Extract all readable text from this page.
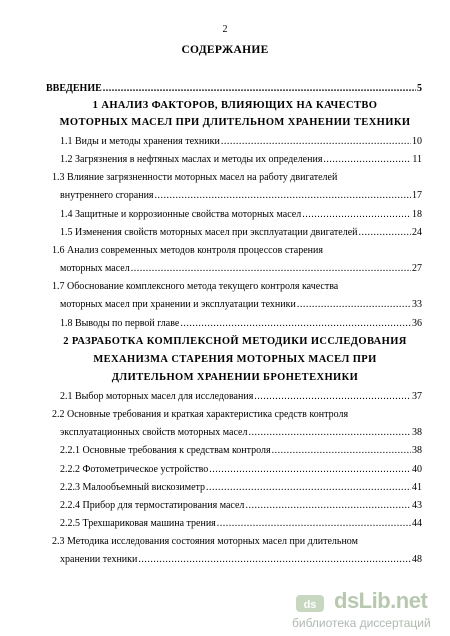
2
СОДЕРЖАНИЕ
ВВЕДЕНИЕ .....	5
1 АНАЛИЗ ФАКТОРОВ, ВЛИЯЮЩИХ НА КАЧЕСТВО
МОТОРНЫХ МАСЕЛ ПРИ ДЛИТЕЛЬНОМ ХРАНЕНИИ ТЕХНИКИ
1.1 Виды и методы хранения техники .....	10
1.2 Загрязнения в нефтяных маслах и методы их определения .....	11
1.3 Влияние загрязненности моторных масел на работу двигателей
внутреннего сгорания .....	17
1.4 Защитные и коррозионные свойства моторных масел .....	18
1.5 Изменения свойств моторных масел при эксплуатации двигателей .....	24
1.6 Анализ современных методов контроля процессов старения
моторных масел .....	27
1.7 Обоснование комплексного метода текущего контроля качества
моторных масел при хранении и эксплуатации техники .....	33
1.8 Выводы по первой главе .....	36
2 РАЗРАБОТКА КОМПЛЕКСНОЙ МЕТОДИКИ ИССЛЕДОВАНИЯ
МЕХАНИЗМА СТАРЕНИЯ МОТОРНЫХ МАСЕЛ ПРИ
ДЛИТЕЛЬНОМ ХРАНЕНИИ БРОНЕТЕХНИКИ
2.1 Выбор моторных масел для исследования .....	37
2.2 Основные требования и краткая характеристика средств контроля
эксплуатационных свойств моторных масел .....	38
2.2.1 Основные требования к средствам контроля .....	38
2.2.2 Фотометрическое устройство .....	40
2.2.3 Малообъемный вискозиметр .....	41
2.2.4 Прибор для термостатирования масел .....	43
2.2.5 Трехшариковая машина трения .....	44
2.3 Методика исследования состояния моторных масел при длительном
хранении техники .....	48
ds dsLib.net
библиотека диссертаций
